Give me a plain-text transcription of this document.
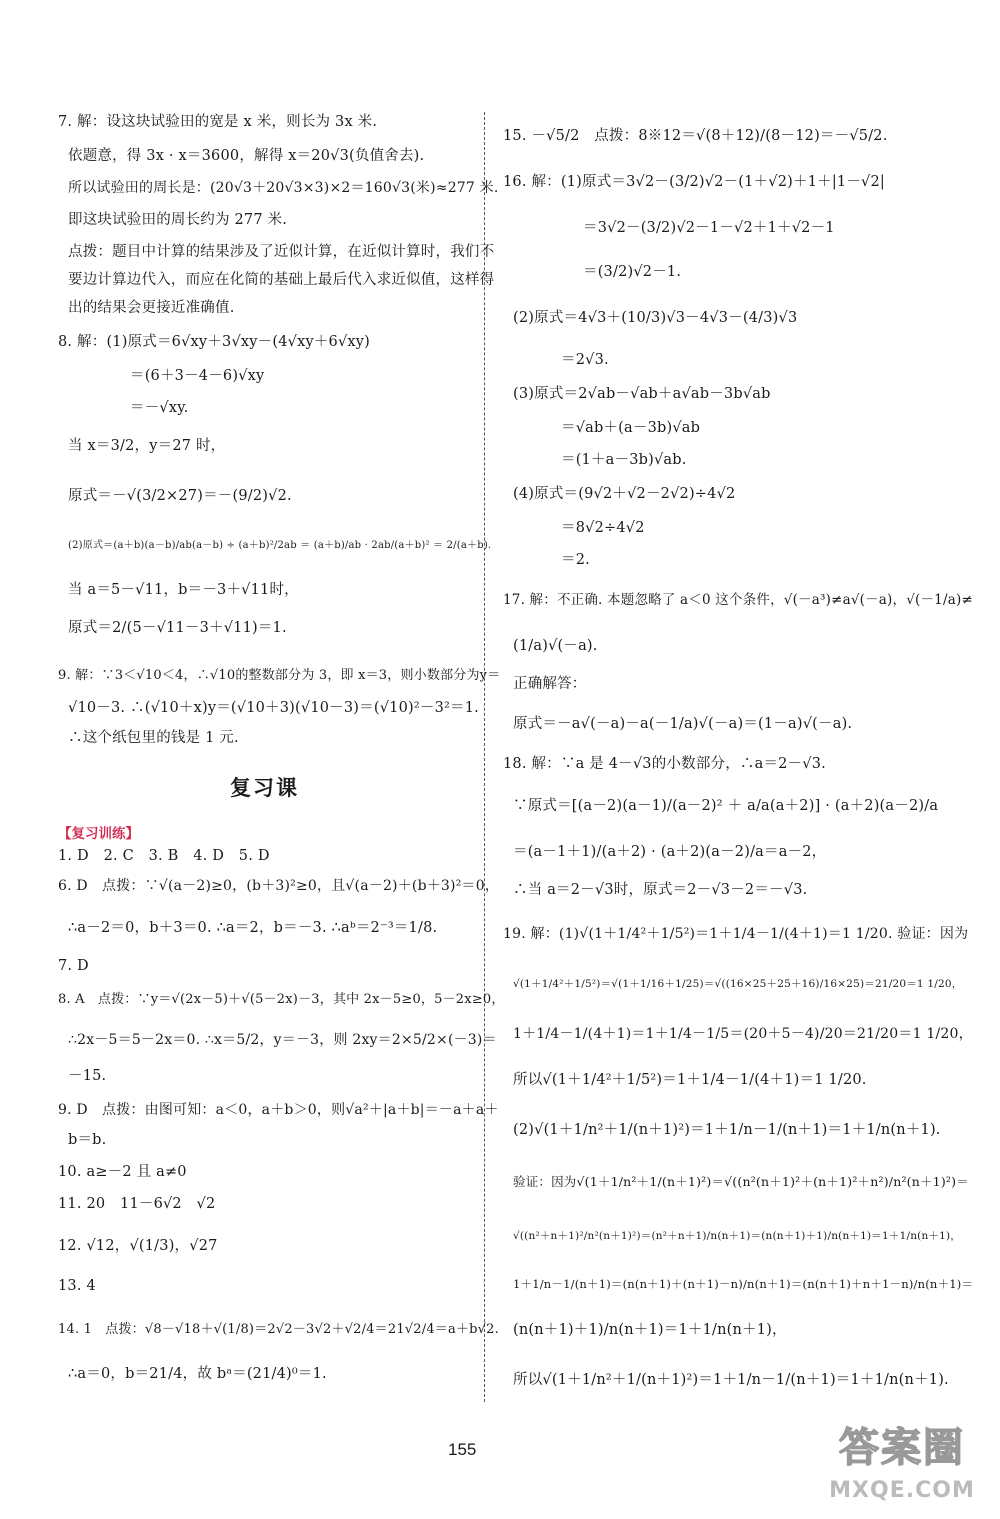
7. 解：设这块试验田的宽是 x 米，则长为 3x 米.
依题意，得 3x · x＝3600，解得 x＝20√3(负值舍去).
所以试验田的周长是：(20√3＋20√3×3)×2＝160√3(米)≈277 米.
即这块试验田的周长约为 277 米.
点拨：题目中计算的结果涉及了近似计算，在近似计算时，我们不
要边计算边代入，而应在化简的基础上最后代入求近似值，这样得
出的结果会更接近准确值.
8. 解：(1)原式＝6√xy＋3√xy－(4√xy＋6√xy)
＝(6＋3－4－6)√xy
＝－√xy.
当 x＝3/2，y＝27 时，
原式＝－√(3/2×27)＝－(9/2)√2.
(2)原式＝(a＋b)(a－b)/ab(a－b) ÷ (a＋b)²/2ab ＝ (a＋b)/ab · 2ab/(a＋b)² ＝ 2/(a＋b).
当 a＝5－√11，b＝－3＋√11时，
原式＝2/(5－√11－3＋√11)＝1.
9. 解：∵3＜√10＜4，∴√10的整数部分为 3，即 x＝3，则小数部分为y＝
√10－3. ∴(√10＋x)y＝(√10＋3)(√10－3)＝(√10)²－3²＝1.
∴这个纸包里的钱是 1 元.
复习课
【复习训练】
1. D　2. C　3. B　4. D　5. D
6. D　点拨：∵√(a－2)≥0，(b＋3)²≥0，且√(a－2)＋(b＋3)²＝0，
∴a－2＝0，b＋3＝0. ∴a＝2，b＝－3. ∴aᵇ＝2⁻³＝1/8.
7. D
8. A　点拨：∵y＝√(2x－5)＋√(5－2x)－3，其中 2x－5≥0，5－2x≥0，
∴2x－5＝5－2x＝0. ∴x＝5/2，y＝－3，则 2xy＝2×5/2×(－3)＝
－15.
9. D　点拨：由图可知：a＜0，a＋b＞0，则√a²＋|a＋b|＝－a＋a＋
b＝b.
10. a≥－2 且 a≠0
11. 20　11－6√2　√2
12. √12，√(1/3)，√27
13. 4
14. 1　点拨：√8－√18＋√(1/8)＝2√2－3√2＋√2/4＝21√2/4＝a＋b√2.
∴a＝0，b＝21/4，故 bᵃ＝(21/4)⁰＝1.
15. －√5/2　点拨：8※12＝√(8＋12)/(8－12)＝－√5/2.
16. 解：(1)原式＝3√2－(3/2)√2－(1＋√2)＋1＋|1－√2|
＝3√2－(3/2)√2－1－√2＋1＋√2－1
＝(3/2)√2－1.
(2)原式＝4√3＋(10/3)√3－4√3－(4/3)√3
＝2√3.
(3)原式＝2√ab－√ab＋a√ab－3b√ab
＝√ab＋(a－3b)√ab
＝(1＋a－3b)√ab.
(4)原式＝(9√2＋√2－2√2)÷4√2
＝8√2÷4√2
＝2.
17. 解：不正确. 本题忽略了 a＜0 这个条件，√(－a³)≠a√(－a)，√(－1/a)≠
(1/a)√(－a).
正确解答：
原式＝－a√(－a)－a(－1/a)√(－a)＝(1－a)√(－a).
18. 解：∵a 是 4－√3的小数部分，∴a＝2－√3.
∵原式＝[(a－2)(a－1)/(a－2)² ＋ a/a(a＋2)] · (a＋2)(a－2)/a
＝(a－1＋1)/(a＋2) · (a＋2)(a－2)/a＝a－2，
∴当 a＝2－√3时，原式＝2－√3－2＝－√3.
19. 解：(1)√(1＋1/4²＋1/5²)＝1＋1/4－1/(4＋1)＝1 1/20. 验证：因为
√(1＋1/4²＋1/5²)＝√(1＋1/16＋1/25)＝√((16×25＋25＋16)/16×25)＝21/20＝1 1/20，
1＋1/4－1/(4＋1)＝1＋1/4－1/5＝(20＋5－4)/20＝21/20＝1 1/20，
所以√(1＋1/4²＋1/5²)＝1＋1/4－1/(4＋1)＝1 1/20.
(2)√(1＋1/n²＋1/(n＋1)²)＝1＋1/n－1/(n＋1)＝1＋1/n(n＋1).
验证：因为√(1＋1/n²＋1/(n＋1)²)＝√((n²(n＋1)²＋(n＋1)²＋n²)/n²(n＋1)²)＝
√((n²＋n＋1)²/n²(n＋1)²)＝(n²＋n＋1)/n(n＋1)＝(n(n＋1)＋1)/n(n＋1)＝1＋1/n(n＋1)，
1＋1/n－1/(n＋1)＝(n(n＋1)＋(n＋1)－n)/n(n＋1)＝(n(n＋1)＋n＋1－n)/n(n＋1)＝
(n(n＋1)＋1)/n(n＋1)＝1＋1/n(n＋1)，
所以√(1＋1/n²＋1/(n＋1)²)＝1＋1/n－1/(n＋1)＝1＋1/n(n＋1).
155	答案圈
MXQE.COM
